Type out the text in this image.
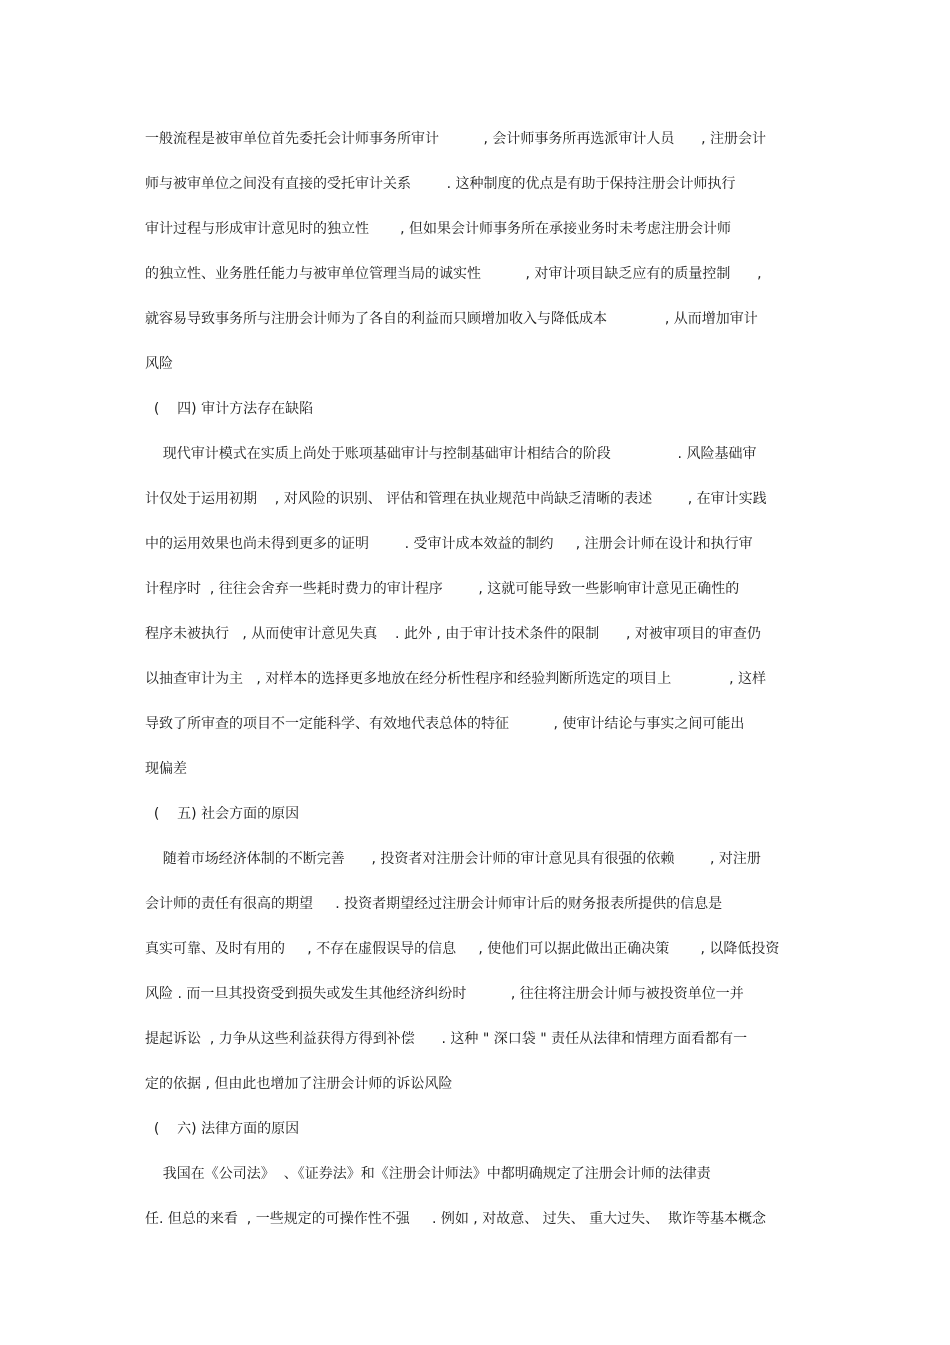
一般流程是被审单位首先委托会计师事务所审计          , 会计师事务所再选派审计人员      , 注册会计
师与被审单位之间没有直接的受托审计关系        . 这种制度的优点是有助于保持注册会计师执行
审计过程与形成审计意见时的独立性       , 但如果会计师事务所在承接业务时未考虑注册会计师
的独立性、业务胜任能力与被审单位管理当局的诚实性          , 对审计项目缺乏应有的质量控制      ,
就容易导致事务所与注册会计师为了各自的利益而只顾增加收入与降低成本             , 从而增加审计
风险
(    四) 审计方法存在缺陷
现代审计模式在实质上尚处于账项基础审计与控制基础审计相结合的阶段               . 风险基础审
计仅处于运用初期    , 对风险的识别、 评估和管理在执业规范中尚缺乏清晰的表述        , 在审计实践
中的运用效果也尚未得到更多的证明        . 受审计成本效益的制约     , 注册会计师在设计和执行审
计程序时  , 往往会舍弃一些耗时费力的审计程序        , 这就可能导致一些影响审计意见正确性的
程序未被执行   , 从而使审计意见失真    . 此外 , 由于审计技术条件的限制      , 对被审项目的审查仍
以抽查审计为主   , 对样本的选择更多地放在经分析性程序和经验判断所选定的项目上             , 这样
导致了所审查的项目不一定能科学、有效地代表总体的特征          , 使审计结论与事实之间可能出
现偏差
(    五) 社会方面的原因
随着市场经济体制的不断完善      , 投资者对注册会计师的审计意见具有很强的依赖        , 对注册
会计师的责任有很高的期望     . 投资者期望经过注册会计师审计后的财务报表所提供的信息是
真实可靠、及时有用的     , 不存在虚假误导的信息     , 使他们可以据此做出正确决策       , 以降低投资
风险 . 而一旦其投资受到损失或发生其他经济纠纷时          , 往往将注册会计师与被投资单位一并
提起诉讼  , 力争从这些利益获得方得到补偿      . 这种 " 深口袋 " 责任从法律和情理方面看都有一
定的依据 , 但由此也增加了注册会计师的诉讼风险
(    六) 法律方面的原因
我国在《公司法》  、《证券法》和《注册会计师法》中都明确规定了注册会计师的法律责
任. 但总的来看  , 一些规定的可操作性不强     . 例如 , 对故意、 过失、 重大过失、  欺诈等基本概念
